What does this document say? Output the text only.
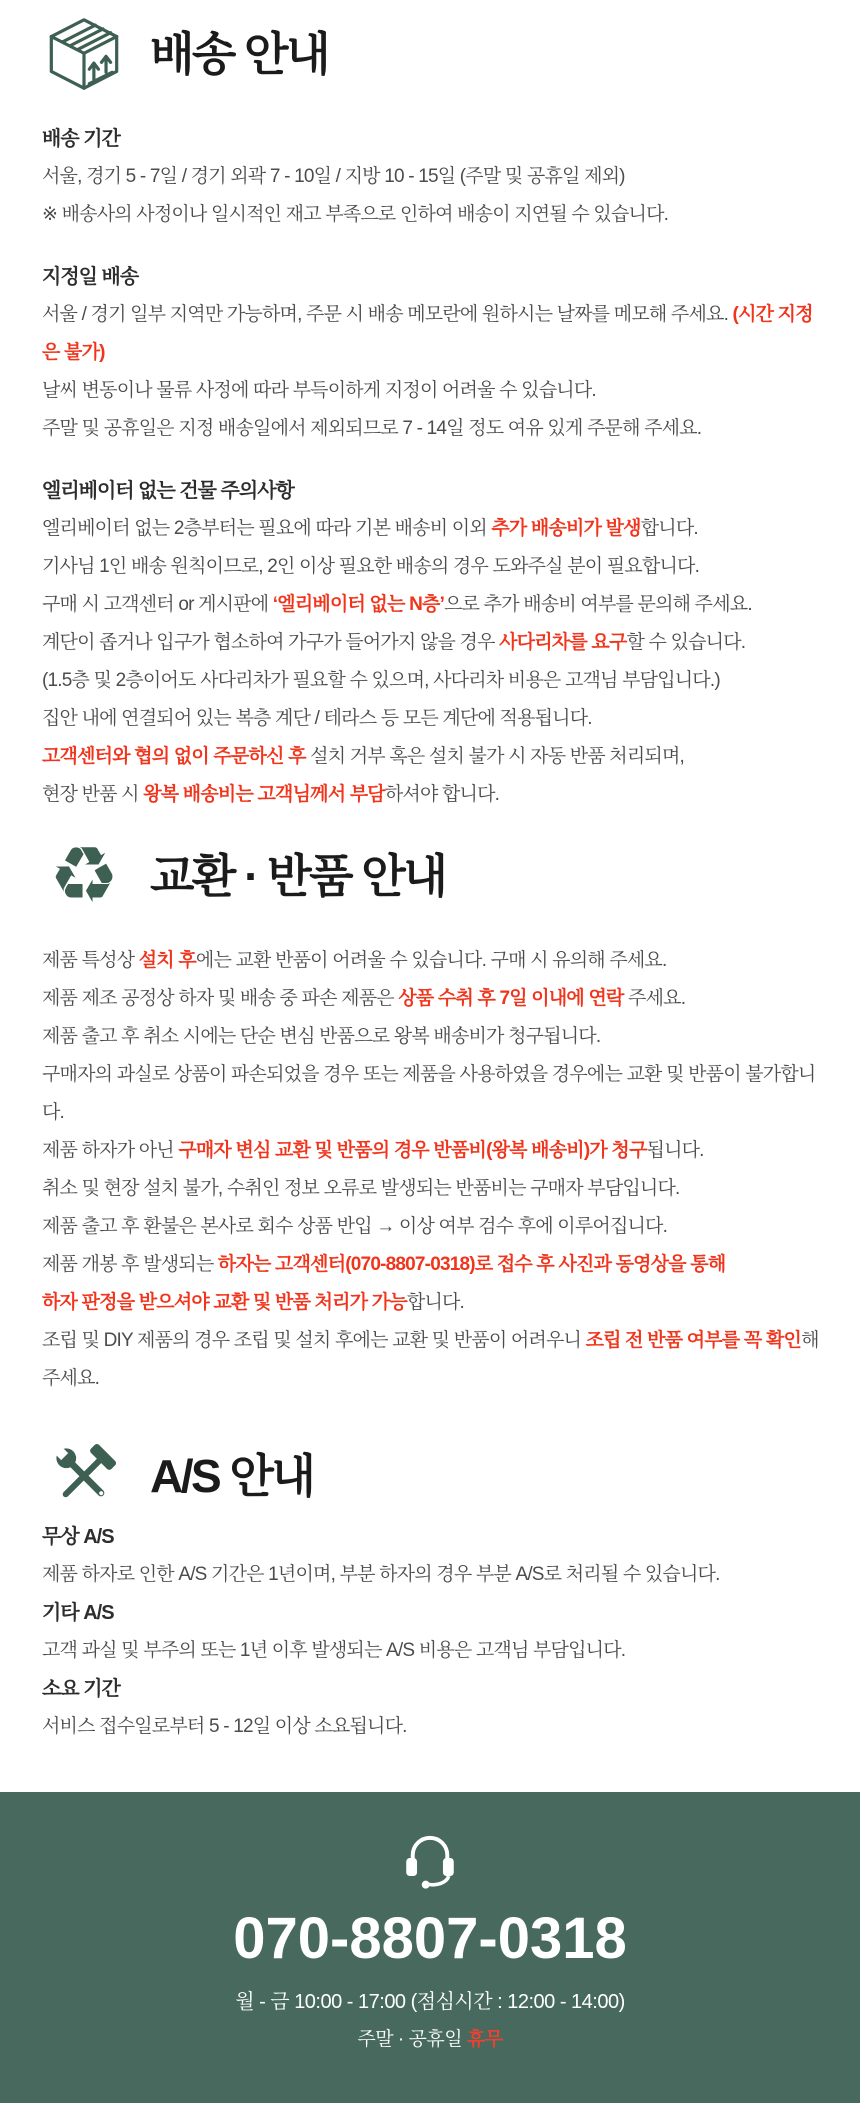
배송 안내
배송 기간

서울, 경기 5 - 7일 / 경기 외곽 7 - 10일 / 지방 10 - 15일 (주말 및 공휴일 제외)

※ 배송사의 사정이나 일시적인 재고 부족으로 인하여 배송이 지연될 수 있습니다.

지정일 배송

서울 / 경기 일부 지역만 가능하며, 주문 시 배송 메모란에 원하시는 날짜를 메모해 주세요. (시간 지정은 불가)

날씨 변동이나 물류 사정에 따라 부득이하게 지정이 어려울 수 있습니다.

주말 및 공휴일은 지정 배송일에서 제외되므로 7 - 14일 정도 여유 있게 주문해 주세요.

엘리베이터 없는 건물 주의사항

엘리베이터 없는 2층부터는 필요에 따라 기본 배송비 이외 추가 배송비가 발생합니다.

기사님 1인 배송 원칙이므로, 2인 이상 필요한 배송의 경우 도와주실 분이 필요합니다.

구매 시 고객센터 or 게시판에 ‘엘리베이터 없는 N층’으로 추가 배송비 여부를 문의해 주세요.

계단이 좁거나 입구가 협소하여 가구가 들어가지 않을 경우 사다리차를 요구할 수 있습니다.

(1.5층 및 2층이어도 사다리차가 필요할 수 있으며, 사다리차 비용은 고객님 부담입니다.)

집안 내에 연결되어 있는 복층 계단 / 테라스 등 모든 계단에 적용됩니다.

고객센터와 협의 없이 주문하신 후 설치 거부 혹은 설치 불가 시 자동 반품 처리되며,

현장 반품 시 왕복 배송비는 고객님께서 부담하셔야 합니다.

♻ 교환 · 반품 안내

제품 특성상 설치 후에는 교환 반품이 어려울 수 있습니다. 구매 시 유의해 주세요.

제품 제조 공정상 하자 및 배송 중 파손 제품은 상품 수취 후 7일 이내에 연락 주세요.

제품 출고 후 취소 시에는 단순 변심 반품으로 왕복 배송비가 청구됩니다.

구매자의 과실로 상품이 파손되었을 경우 또는 제품을 사용하였을 경우에는 교환 및 반품이 불가합니다.

제품 하자가 아닌 구매자 변심 교환 및 반품의 경우 반품비(왕복 배송비)가 청구됩니다.

취소 및 현장 설치 불가, 수취인 정보 오류로 발생되는 반품비는 구매자 부담입니다.

제품 출고 후 환불은 본사로 회수 상품 반입 → 이상 여부 검수 후에 이루어집니다.

제품 개봉 후 발생되는 하자는 고객센터(070-8807-0318)로 접수 후 사진과 동영상을 통해

하자 판정을 받으셔야 교환 및 반품 처리가 가능합니다.

조립 및 DIY 제품의 경우 조립 및 설치 후에는 교환 및 반품이 어려우니 조립 전 반품 여부를 꼭 확인해 주세요.

A/S 안내
무상 A/S

제품 하자로 인한 A/S 기간은 1년이며, 부분 하자의 경우 부분 A/S로 처리될 수 있습니다.

기타 A/S

고객 과실 및 부주의 또는 1년 이후 발생되는 A/S 비용은 고객님 부담입니다.

소요 기간

서비스 접수일로부터 5 - 12일 이상 소요됩니다.

070-8807-0318
월 - 금 10:00 - 17:00 (점심시간 : 12:00 - 14:00)
주말 · 공휴일 휴무
